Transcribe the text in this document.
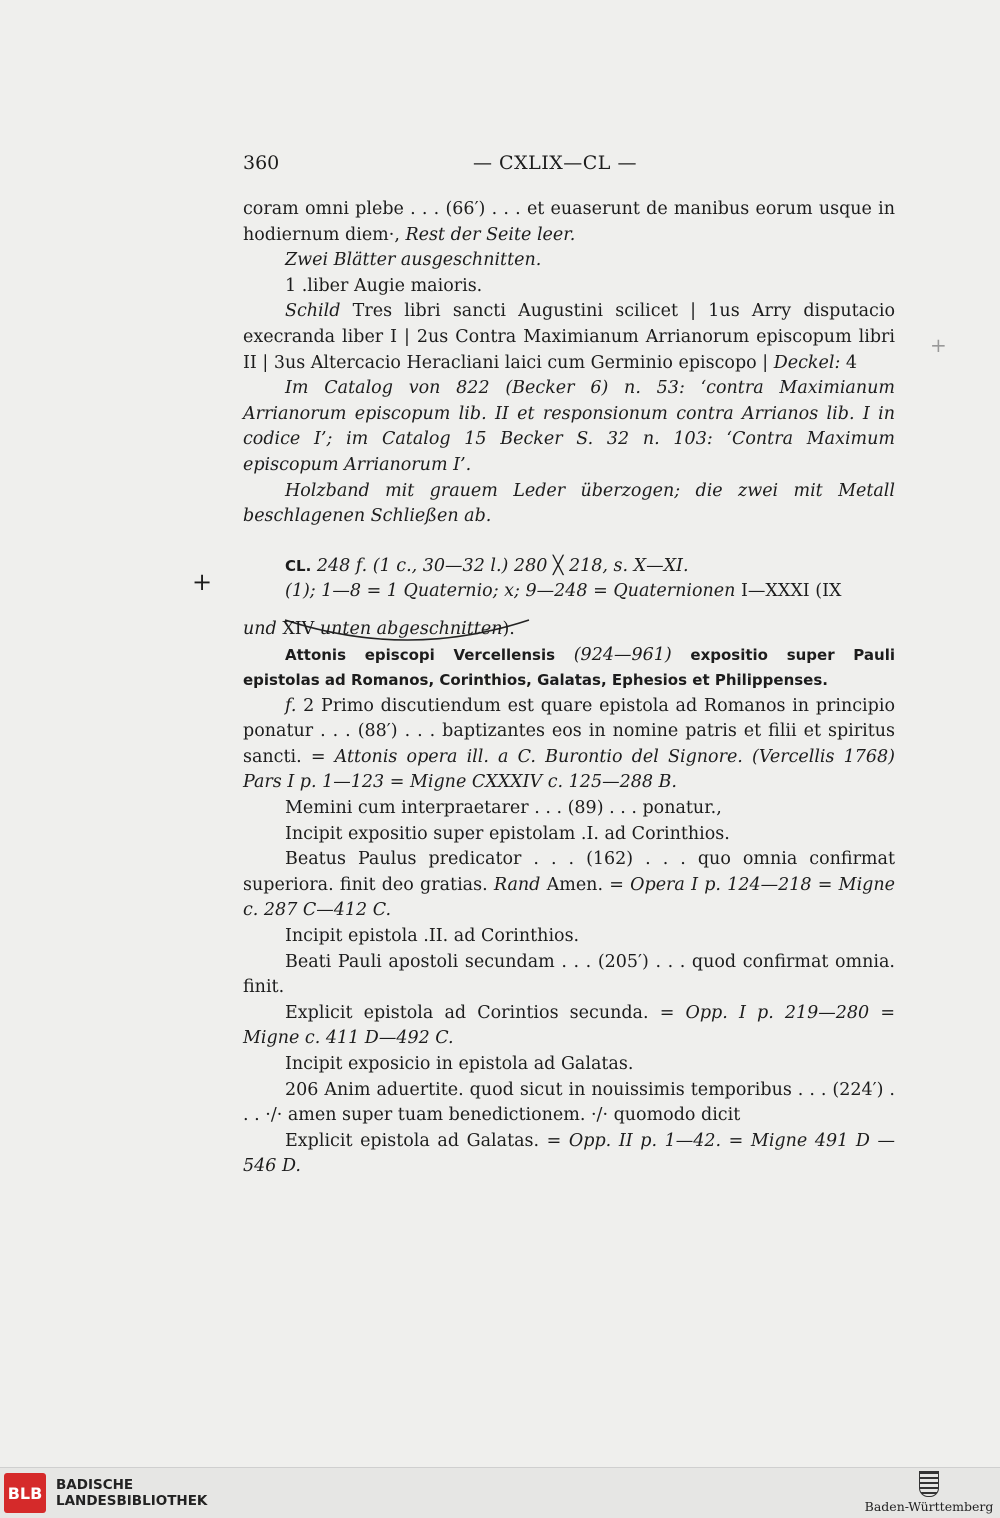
360	— CXLIX—CL —
+
+

coram omni plebe . . . (66′) . . . et euaserunt de manibus eorum usque in hodiernum diem·, Rest der Seite leer.

Zwei Blätter ausgeschnitten.

1 .liber Augie maioris.

Schild Tres libri sancti Augustini scilicet | 1us Arry disputacio execranda liber I | 2us Contra Maximianum Arrianorum episcopum libri II | 3us Altercacio Heracliani laici cum Germinio episcopo | Deckel: 4

Im Catalog von 822 (Becker 6) n. 53: ‘contra Maximianum Arrianorum episcopum lib. II et responsionum contra Arrianos lib. I in codice I’; im Catalog 15 Becker S. 32 n. 103: ‘Contra Maximum episcopum Arrianorum I’.

Holzband mit grauem Leder überzogen; die zwei mit Metall beschlagenen Schließen ab.

CL. 248 f. (1 c., 30—32 l.) 280 ╳ 218, s. X—XI.

(1); 1—8 = 1 Quaternio; x; 9—248 = Quaternionen I—XXXI (IX

und XIV unten abgeschnitten).

Attonis episcopi Vercellensis (924—961) expositio super Pauli epistolas ad Romanos, Corinthios, Galatas, Ephesios et Philippenses.

f. 2 Primo discutiendum est quare epistola ad Romanos in principio ponatur . . . (88′) . . . baptizantes eos in nomine patris et filii et spiritus sancti. = Attonis opera ill. a C. Burontio del Signore. (Vercellis 1768) Pars I p. 1—123 = Migne CXXXIV c. 125—288 B.

Memini cum interpraetarer . . . (89) . . . ponatur.,

Incipit expositio super epistolam .I. ad Corinthios.

Beatus Paulus predicator . . . (162) . . . quo omnia confirmat superiora. finit deo gratias. Rand Amen. = Opera I p. 124—218 = Migne c. 287 C—412 C.

Incipit epistola .II. ad Corinthios.

Beati Pauli apostoli secundam . . . (205′) . . . quod confirmat omnia. finit.

Explicit epistola ad Corintios secunda. = Opp. I p. 219—280 = Migne c. 411 D—492 C.

Incipit exposicio in epistola ad Galatas.

206 Anim aduertite. quod sicut in nouissimis temporibus . . . (224′) . . . ·/· amen super tuam benedictionem. ·/· quomodo dicit

Explicit epistola ad Galatas. = Opp. II p. 1—42. = Migne 491 D —546 D.

BLB BADISCHE
LANDESBIBLIOTHEK	Baden-Württemberg
